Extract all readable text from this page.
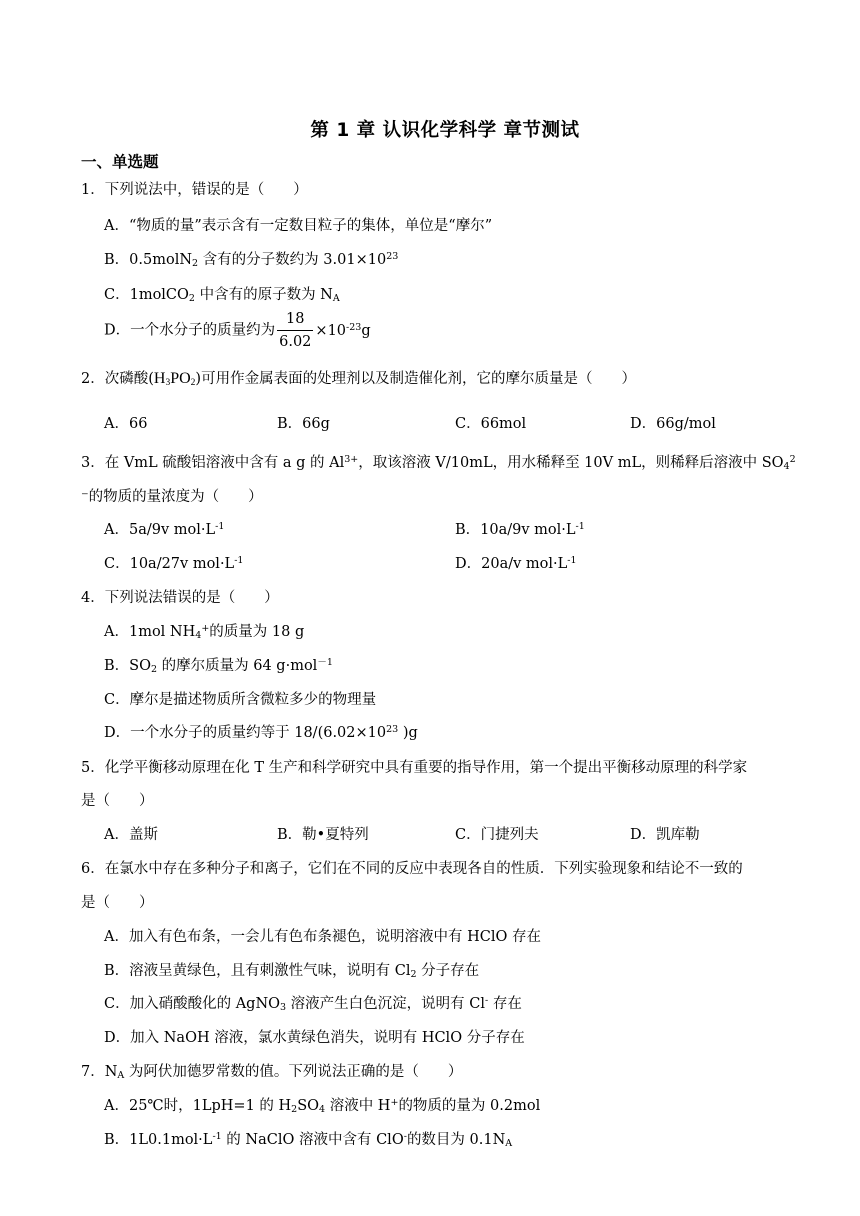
第 1 章 认识化学科学 章节测试
一、单选题
1．下列说法中，错 .误 .的是（　　）
A．“物质的量”表示含有一定数目粒子的集体，单位是“摩尔”
B．0.5molN$_2$ 含有的分子数约为 $3.01\times 10^{23}$
C．1molCO$_2$ 中含有的原子数为 $N_A$
D．一个水分子的质量约为 $\frac{18}{6.02} \times 10^{-23}g$
2．次磷酸$(H_3PO_2)$可用作金属表面的处理剂以及制造催化剂，它的摩尔质量是（　　）
A．66	B．66g	C．66mol	D．66g/mol
3．在 VmL 硫酸铝溶液中含有 a g 的 $Al^{3+}$，取该溶液 V/10mL，用水稀释至 10V mL，则稀释后溶液中 $SO_4^2$
⁻的物质的量浓度为（　　）
A．5a/9v $mol\cdot L^{-1}$	B．10a/9v $mol\cdot L^{-1}$
C．10a/27v $mol\cdot L^{-1}$	D．20a/v $mol\cdot L^{-1}$
4．下列说法错误的是（　　）
A．1mol $NH_4^+$的质量为 18 g
B．$SO_2$ 的摩尔质量为 64 g·mol$^{-1}$
C．摩尔是描述物质所含微粒多少的物理量
D．一个水分子的质量约等于 $18/(6.02\times 10^{23}$ )g
5．化学平衡移动原理在化 T 生产和科学研究中具有重要的指导作用，第一个提出平衡移动原理的科学家
是（　　）
A．盖斯	B．勒•夏特列	C．门捷列夫	D．凯库勒
6．在氯水中存在多种分子和离子，它们在不同的反应中表现各自的性质．下列实验现象和结论不一致的
是（　　）
A．加入有色布条，一会儿有色布条褪色，说明溶液中有 HClO 存在
B．溶液呈黄绿色，且有刺激性气味，说明有 $Cl_2$ 分子存在
C．加入硝酸酸化的 AgNO$_3$ 溶液产生白色沉淀，说明有 Cl- 存在
D．加入 NaOH 溶液，氯水黄绿色消失，说明有 HClO 分子存在
7．$N_A$ 为阿伏加德罗常数的值。下列说法正确的是（　　）
A．25℃时，1LpH=1 的 $H_2SO_4$ 溶液中 H+的物质的量为 0.2mol
B．$1L0.1mol\cdot L^{-1}$ 的 NaClO 溶液中含有 ClO-的数目为 $0.1N_A$
